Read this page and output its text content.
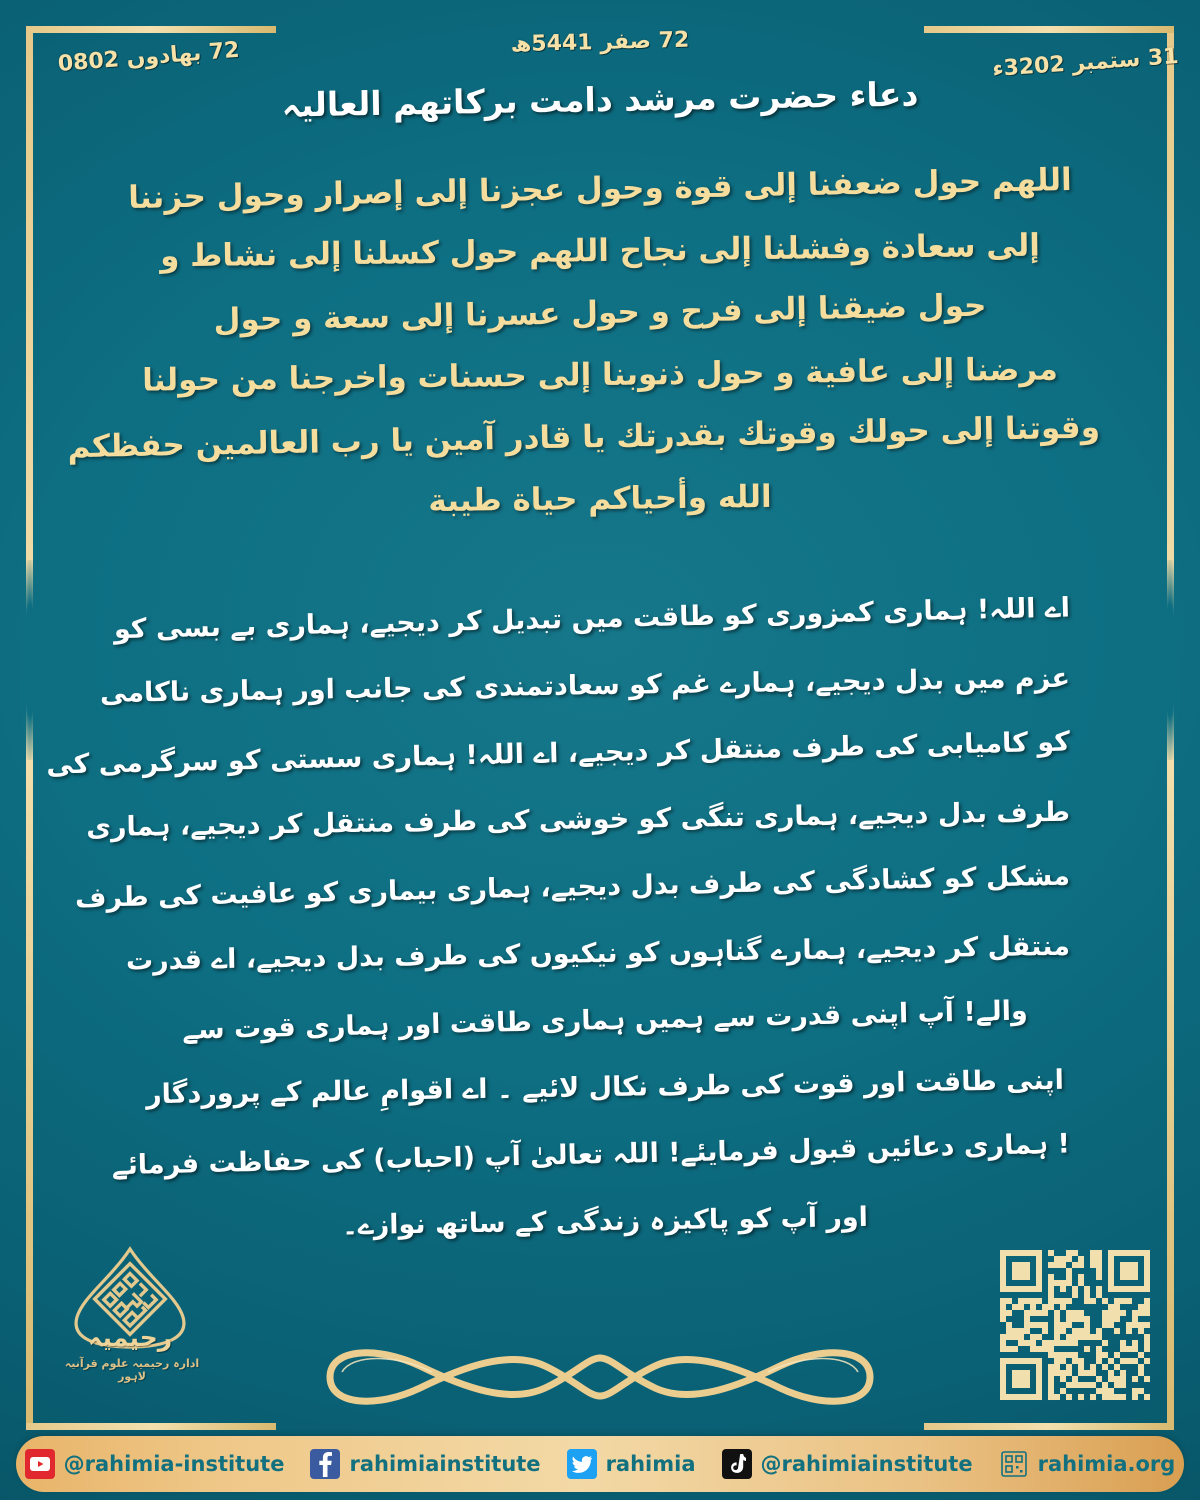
27 بھادوں 2080	27 صفر 1445ھ
13 ستمبر 2023ء
دعاء حضرت مرشد دامت بركاتهم العالیہ
اللهم حول ضعفنا إلى قوة وحول عجزنا إلى إصرار وحول حزننا
إلى سعادة وفشلنا إلى نجاح اللهم حول كسلنا إلى نشاط و
حول ضيقنا إلى فرح و حول عسرنا إلى سعة و حول
مرضنا إلى عافية و حول ذنوبنا إلى حسنات واخرجنا من حولنا
وقوتنا إلى حولك وقوتك بقدرتك يا قادر آمين يا رب العالمين حفظكم
الله وأحياكم حياة طيبة
اے اللہ! ہماری کمزوری کو طاقت میں تبدیل کر دیجیے، ہماری بے بسی کو
عزم میں بدل دیجیے، ہمارے غم کو سعادتمندی کی جانب اور ہماری ناکامی
کو کامیابی کی طرف منتقل کر دیجیے، اے اللہ! ہماری سستی کو سرگرمی کی
طرف بدل دیجیے، ہماری تنگی کو خوشی کی طرف منتقل کر دیجیے، ہماری
مشکل کو کشادگی کی طرف بدل دیجیے، ہماری بیماری کو عافیت کی طرف
منتقل کر دیجیے، ہمارے گناہوں کو نیکیوں کی طرف بدل دیجیے، اے قدرت
والے! آپ اپنی قدرت سے ہمیں ہماری طاقت اور ہماری قوت سے
اپنی طاقت اور قوت کی طرف نکال لائیے ۔ اے اقوامِ عالم کے پروردگار
! ہماری دعائیں قبول فرمایئے! اللہ تعالیٰ آپ (احباب) کی حفاظت فرمائے
اور آپ کو پاکیزہ زندگی کے ساتھ نوازے۔
رحیمیہ
ادارہ رحیمیہ علوم قرآنیہ لاہور
@rahimia-institute	rahimiainstitute	rahimia	@rahimiainstitute	rahimia.org
